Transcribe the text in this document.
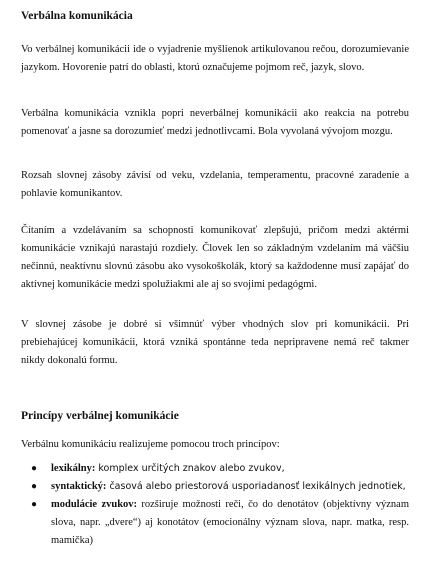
Verbálna komunikácia

Vo verbálnej komunikácii ide o vyjadrenie myšlienok artikulovanou rečou, dorozumievanie jazykom. Hovorenie patrí do oblasti, ktorú označujeme pojmom reč, jazyk, slovo.

Verbálna komunikácia vznikla popri neverbálnej komunikácii ako reakcia na potrebu pomenovať a jasne sa dorozumieť medzi jednotlivcami. Bola vyvolaná vývojom mozgu.

Rozsah slovnej zásoby závisí od veku, vzdelania, temperamentu, pracovné zaradenie a pohlavie komunikantov.

Čítaním a vzdelávaním sa schopnosti komunikovať zlepšujú, pričom medzi aktérmi komunikácie vznikajú narastajú rozdiely. Človek len so základným vzdelaním má väčšiu nečinnú, neaktívnu slovnú zásobu ako vysokoškolák, ktorý sa každodenne musí zapájať do aktívnej komunikácie medzi spolužiakmi ale aj so svojimi pedagógmi.

V slovnej zásobe je dobré si všimnúť výber vhodných slov pri komunikácii. Pri prebiehajúcej komunikácii, ktorá vzniká spontánne teda nepripravene nemá reč takmer nikdy dokonalú formu.

Princípy verbálnej komunikácie

Verbálnu komunikáciu realizujeme pomocou troch princípov:

● lexikálny: komplex určitých znakov alebo zvukov,
● syntaktický: časová alebo priestorová usporiadanosť lexikálnych jednotiek,
● modulácie zvukov: rozširuje možnosti reči, čo do denotátov (objektívny význam slova, napr. „dvere“) aj konotátov (emocionálny význam slova, napr. matka, resp. mamička)
